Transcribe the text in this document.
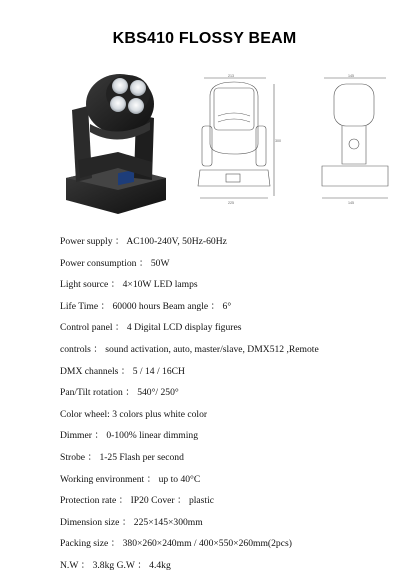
KBS410 FLOSSY BEAM
213
300
225
145
145
Power supply ： AC100-240V, 50Hz-60Hz
Power consumption ： 50W
Light source ： 4×10W LED lamps
Life Time ： 60000 hours Beam angle ： 6°
Control panel ： 4 Digital LCD display figures
controls ： sound activation, auto, master/slave, DMX512 ,Remote
DMX channels ： 5 / 14 / 16CH
Pan/Tilt rotation ： 540°/ 250°
Color wheel: 3 colors plus white color
Dimmer ： 0-100% linear dimming
Strobe ： 1-25 Flash per second
Working environment ： up to 40°C
Protection rate ： IP20 Cover ： plastic
Dimension size ： 225×145×300mm
Packing size ： 380×260×240mm / 400×550×260mm(2pcs)
N.W ： 3.8kg G.W ： 4.4kg
